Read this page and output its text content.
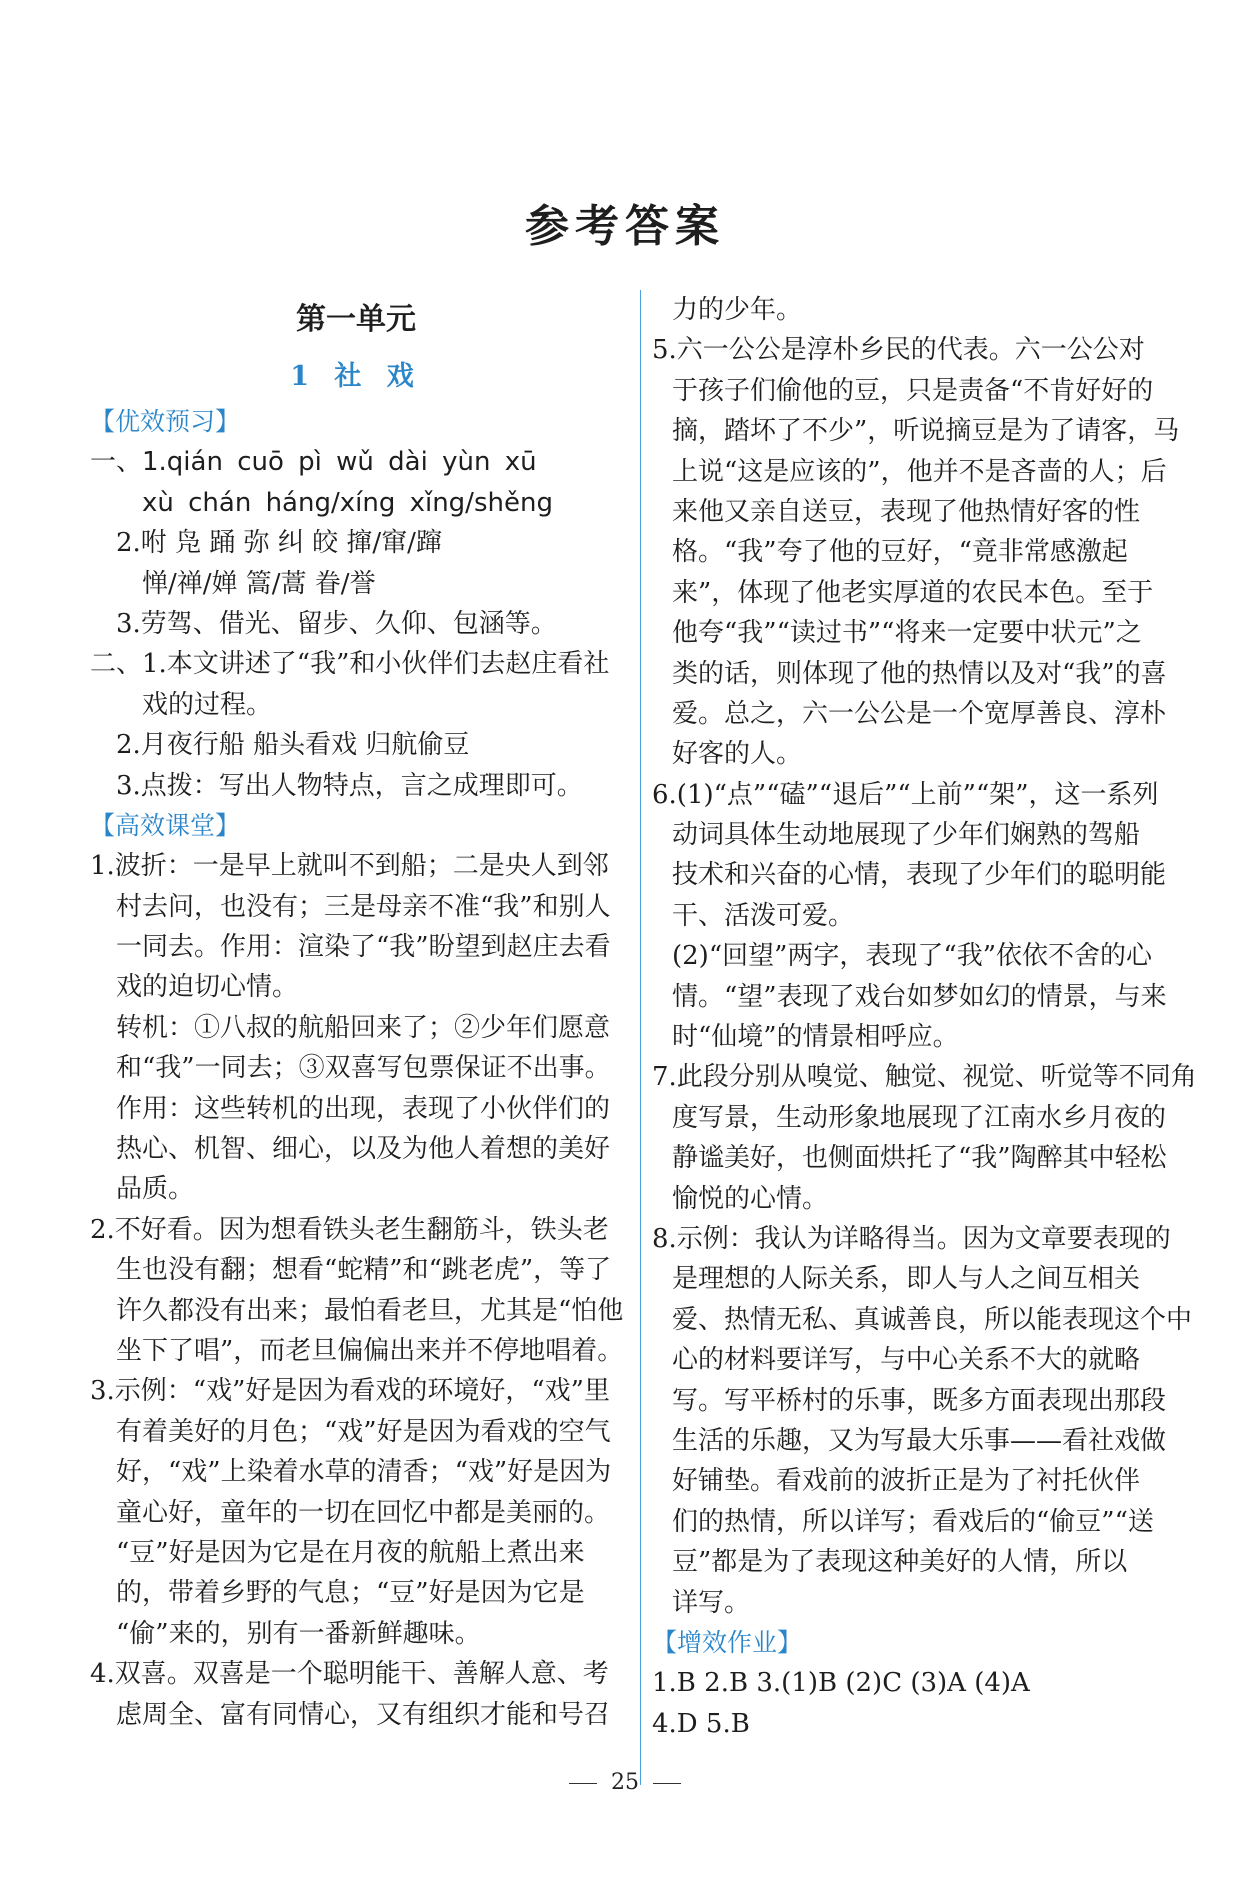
参考答案
第一单元
1 社 戏
【优效预习】
一、1.qián cuō pì wǔ dài yùn xū
xù chán háng/xíng xǐng/shěng
2.咐 凫 踊 弥 纠 皎 撺/窜/蹿
惮/禅/婵 篙/蒿 眷/誉
3.劳驾、借光、留步、久仰、包涵等。
二、1.本文讲述了“我”和小伙伴们去赵庄看社
戏的过程。
2.月夜行船 船头看戏 归航偷豆
3.点拨：写出人物特点，言之成理即可。
【高效课堂】
1.波折：一是早上就叫不到船；二是央人到邻
村去问，也没有；三是母亲不准“我”和别人
一同去。作用：渲染了“我”盼望到赵庄去看
戏的迫切心情。
转机：①八叔的航船回来了；②少年们愿意
和“我”一同去；③双喜写包票保证不出事。
作用：这些转机的出现，表现了小伙伴们的
热心、机智、细心，以及为他人着想的美好
品质。
2.不好看。因为想看铁头老生翻筋斗，铁头老
生也没有翻；想看“蛇精”和“跳老虎”，等了
许久都没有出来；最怕看老旦，尤其是“怕他
坐下了唱”，而老旦偏偏出来并不停地唱着。
3.示例：“戏”好是因为看戏的环境好，“戏”里
有着美好的月色；“戏”好是因为看戏的空气
好，“戏”上染着水草的清香；“戏”好是因为
童心好，童年的一切在回忆中都是美丽的。
“豆”好是因为它是在月夜的航船上煮出来
的，带着乡野的气息；“豆”好是因为它是
“偷”来的，别有一番新鲜趣味。
4.双喜。双喜是一个聪明能干、善解人意、考
虑周全、富有同情心，又有组织才能和号召
力的少年。
5.六一公公是淳朴乡民的代表。六一公公对
于孩子们偷他的豆，只是责备“不肯好好的
摘，踏坏了不少”，听说摘豆是为了请客，马
上说“这是应该的”，他并不是吝啬的人；后
来他又亲自送豆，表现了他热情好客的性
格。“我”夸了他的豆好，“竟非常感激起
来”，体现了他老实厚道的农民本色。至于
他夸“我”“读过书”“将来一定要中状元”之
类的话，则体现了他的热情以及对“我”的喜
爱。总之，六一公公是一个宽厚善良、淳朴
好客的人。
6.(1)“点”“磕”“退后”“上前”“架”，这一系列
动词具体生动地展现了少年们娴熟的驾船
技术和兴奋的心情，表现了少年们的聪明能
干、活泼可爱。
(2)“回望”两字，表现了“我”依依不舍的心
情。“望”表现了戏台如梦如幻的情景，与来
时“仙境”的情景相呼应。
7.此段分别从嗅觉、触觉、视觉、听觉等不同角
度写景，生动形象地展现了江南水乡月夜的
静谧美好，也侧面烘托了“我”陶醉其中轻松
愉悦的心情。
8.示例：我认为详略得当。因为文章要表现的
是理想的人际关系，即人与人之间互相关
爱、热情无私、真诚善良，所以能表现这个中
心的材料要详写，与中心关系不大的就略
写。写平桥村的乐事，既多方面表现出那段
生活的乐趣，又为写最大乐事——看社戏做
好铺垫。看戏前的波折正是为了衬托伙伴
们的热情，所以详写；看戏后的“偷豆”“送
豆”都是为了表现这种美好的人情，所以
详写。
【增效作业】
1.B 2.B 3.(1)B (2)C (3)A (4)A
4.D 5.B
25
